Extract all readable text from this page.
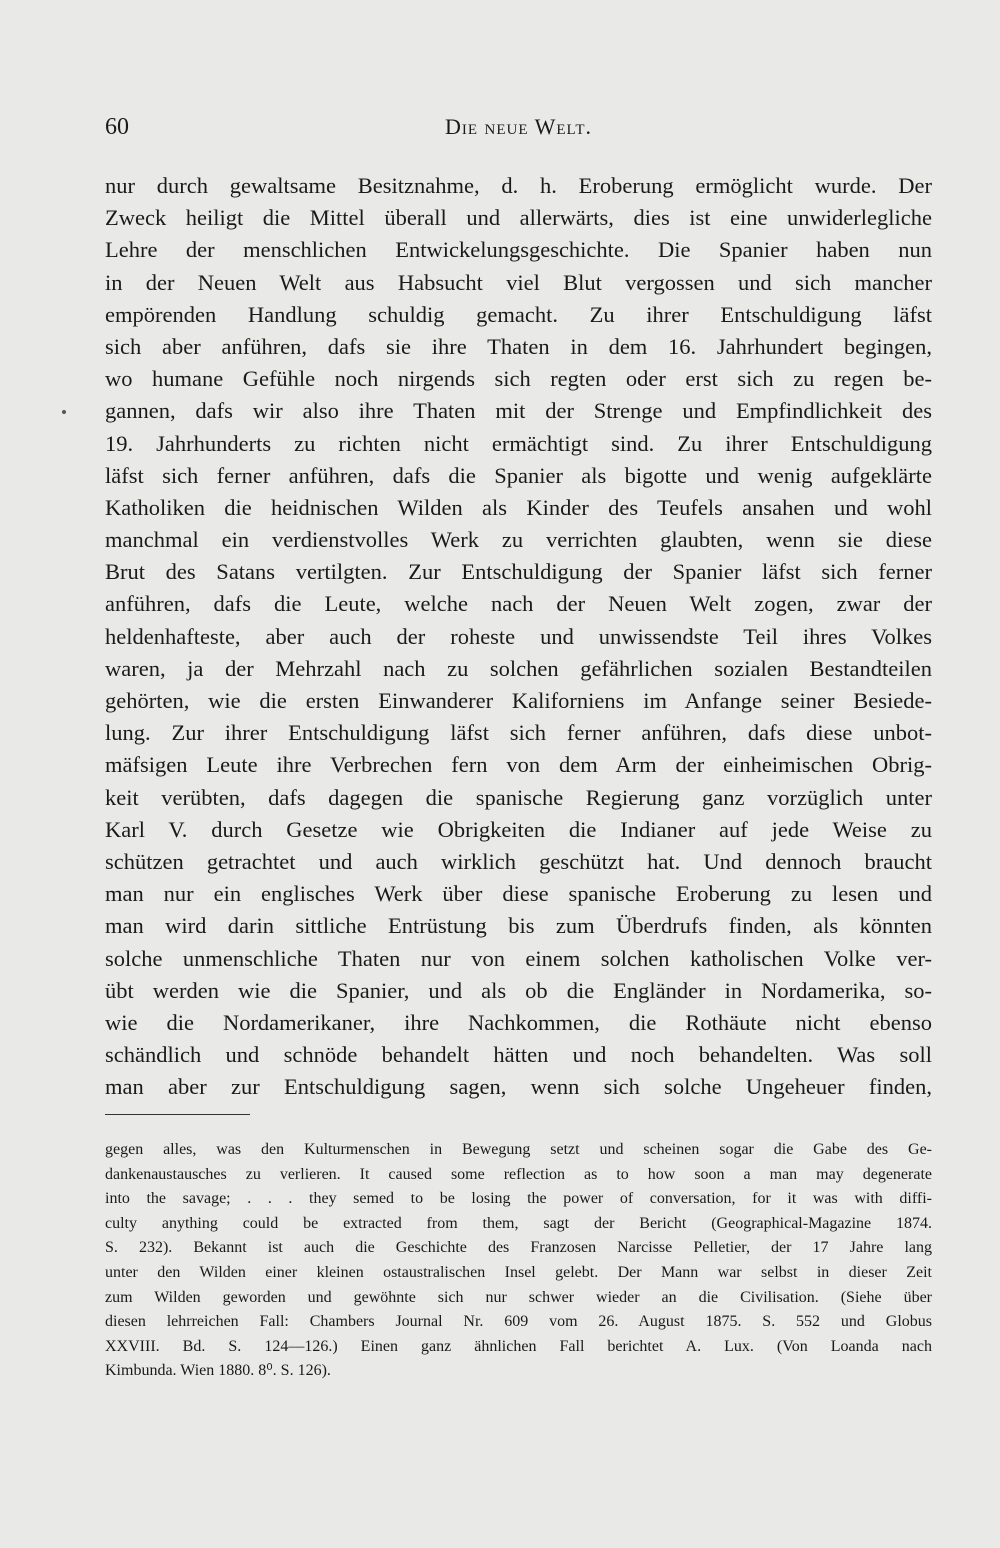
60	Die neue Welt.
nur durch gewaltsame Besitznahme, d. h. Eroberung ermöglicht wurde. Der
Zweck heiligt die Mittel überall und allerwärts, dies ist eine unwiderlegliche
Lehre der menschlichen Entwickelungsgeschichte. Die Spanier haben nun
in der Neuen Welt aus Habsucht viel Blut vergossen und sich mancher
empörenden Handlung schuldig gemacht. Zu ihrer Entschuldigung läfst
sich aber anführen, dafs sie ihre Thaten in dem 16. Jahrhundert begingen,
wo humane Gefühle noch nirgends sich regten oder erst sich zu regen be-
gannen, dafs wir also ihre Thaten mit der Strenge und Empfindlichkeit des
19. Jahrhunderts zu richten nicht ermächtigt sind. Zu ihrer Entschuldigung
läfst sich ferner anführen, dafs die Spanier als bigotte und wenig aufgeklärte
Katholiken die heidnischen Wilden als Kinder des Teufels ansahen und wohl
manchmal ein verdienstvolles Werk zu verrichten glaubten, wenn sie diese
Brut des Satans vertilgten. Zur Entschuldigung der Spanier läfst sich ferner
anführen, dafs die Leute, welche nach der Neuen Welt zogen, zwar der
heldenhafteste, aber auch der roheste und unwissendste Teil ihres Volkes
waren, ja der Mehrzahl nach zu solchen gefährlichen sozialen Bestandteilen
gehörten, wie die ersten Einwanderer Kaliforniens im Anfange seiner Besiede-
lung. Zur ihrer Entschuldigung läfst sich ferner anführen, dafs diese unbot-
mäfsigen Leute ihre Verbrechen fern von dem Arm der einheimischen Obrig-
keit verübten, dafs dagegen die spanische Regierung ganz vorzüglich unter
Karl V. durch Gesetze wie Obrigkeiten die Indianer auf jede Weise zu
schützen getrachtet und auch wirklich geschützt hat. Und dennoch braucht
man nur ein englisches Werk über diese spanische Eroberung zu lesen und
man wird darin sittliche Entrüstung bis zum Überdrufs finden, als könnten
solche unmenschliche Thaten nur von einem solchen katholischen Volke ver-
übt werden wie die Spanier, und als ob die Engländer in Nordamerika, so-
wie die Nordamerikaner, ihre Nachkommen, die Rothäute nicht ebenso
schändlich und schnöde behandelt hätten und noch behandelten. Was soll
man aber zur Entschuldigung sagen, wenn sich solche Ungeheuer finden,
gegen alles, was den Kulturmenschen in Bewegung setzt und scheinen sogar die Gabe des Ge-
dankenaustausches zu verlieren. It caused some reflection as to how soon a man may degenerate
into the savage; . . . they semed to be losing the power of conversation, for it was with diffi-
culty anything could be extracted from them, sagt der Bericht (Geographical-Magazine 1874.
S. 232). Bekannt ist auch die Geschichte des Franzosen Narcisse Pelletier, der 17 Jahre lang
unter den Wilden einer kleinen ostaustralischen Insel gelebt. Der Mann war selbst in dieser Zeit
zum Wilden geworden und gewöhnte sich nur schwer wieder an die Civilisation. (Siehe über
diesen lehrreichen Fall: Chambers Journal Nr. 609 vom 26. August 1875. S. 552 und Globus
XXVIII. Bd. S. 124—126.) Einen ganz ähnlichen Fall berichtet A. Lux. (Von Loanda nach
Kimbunda. Wien 1880. 8⁰. S. 126).
